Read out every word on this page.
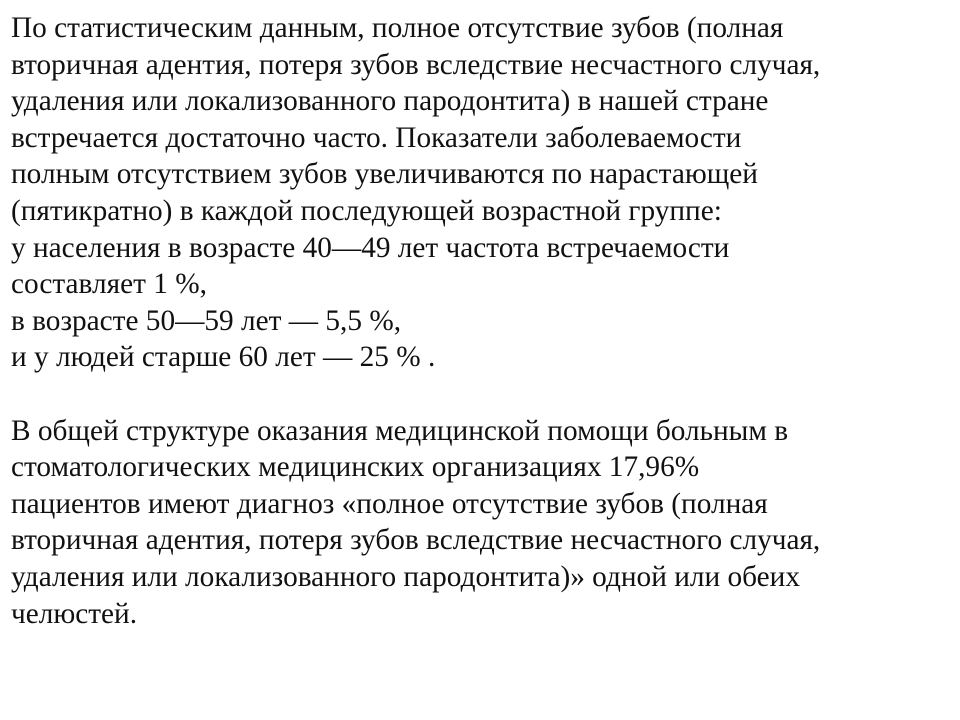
По статистическим данным, полное отсутствие зубов (полная
вторичная адентия, потеря зубов вследствие несчастного случая,
удаления или локализованного пародонтита) в нашей стране
встречается достаточно часто. Показатели заболеваемости
полным отсутствием зубов увеличиваются по нарастающей
(пятикратно) в каждой последующей возрастной группе:
у населения в возрасте 40—49 лет частота встречаемости
составляет 1 %,
в возрасте 50—59 лет — 5,5 %,
и у людей старше 60 лет — 25 % .
В общей структуре оказания медицинской помощи больным в
стоматологических медицинских организациях 17,96%
пациентов имеют диагноз «полное отсутствие зубов (полная
вторичная адентия, потеря зубов вследствие несчастного случая,
удаления или локализованного пародонтита)» одной или обеих
челюстей.
